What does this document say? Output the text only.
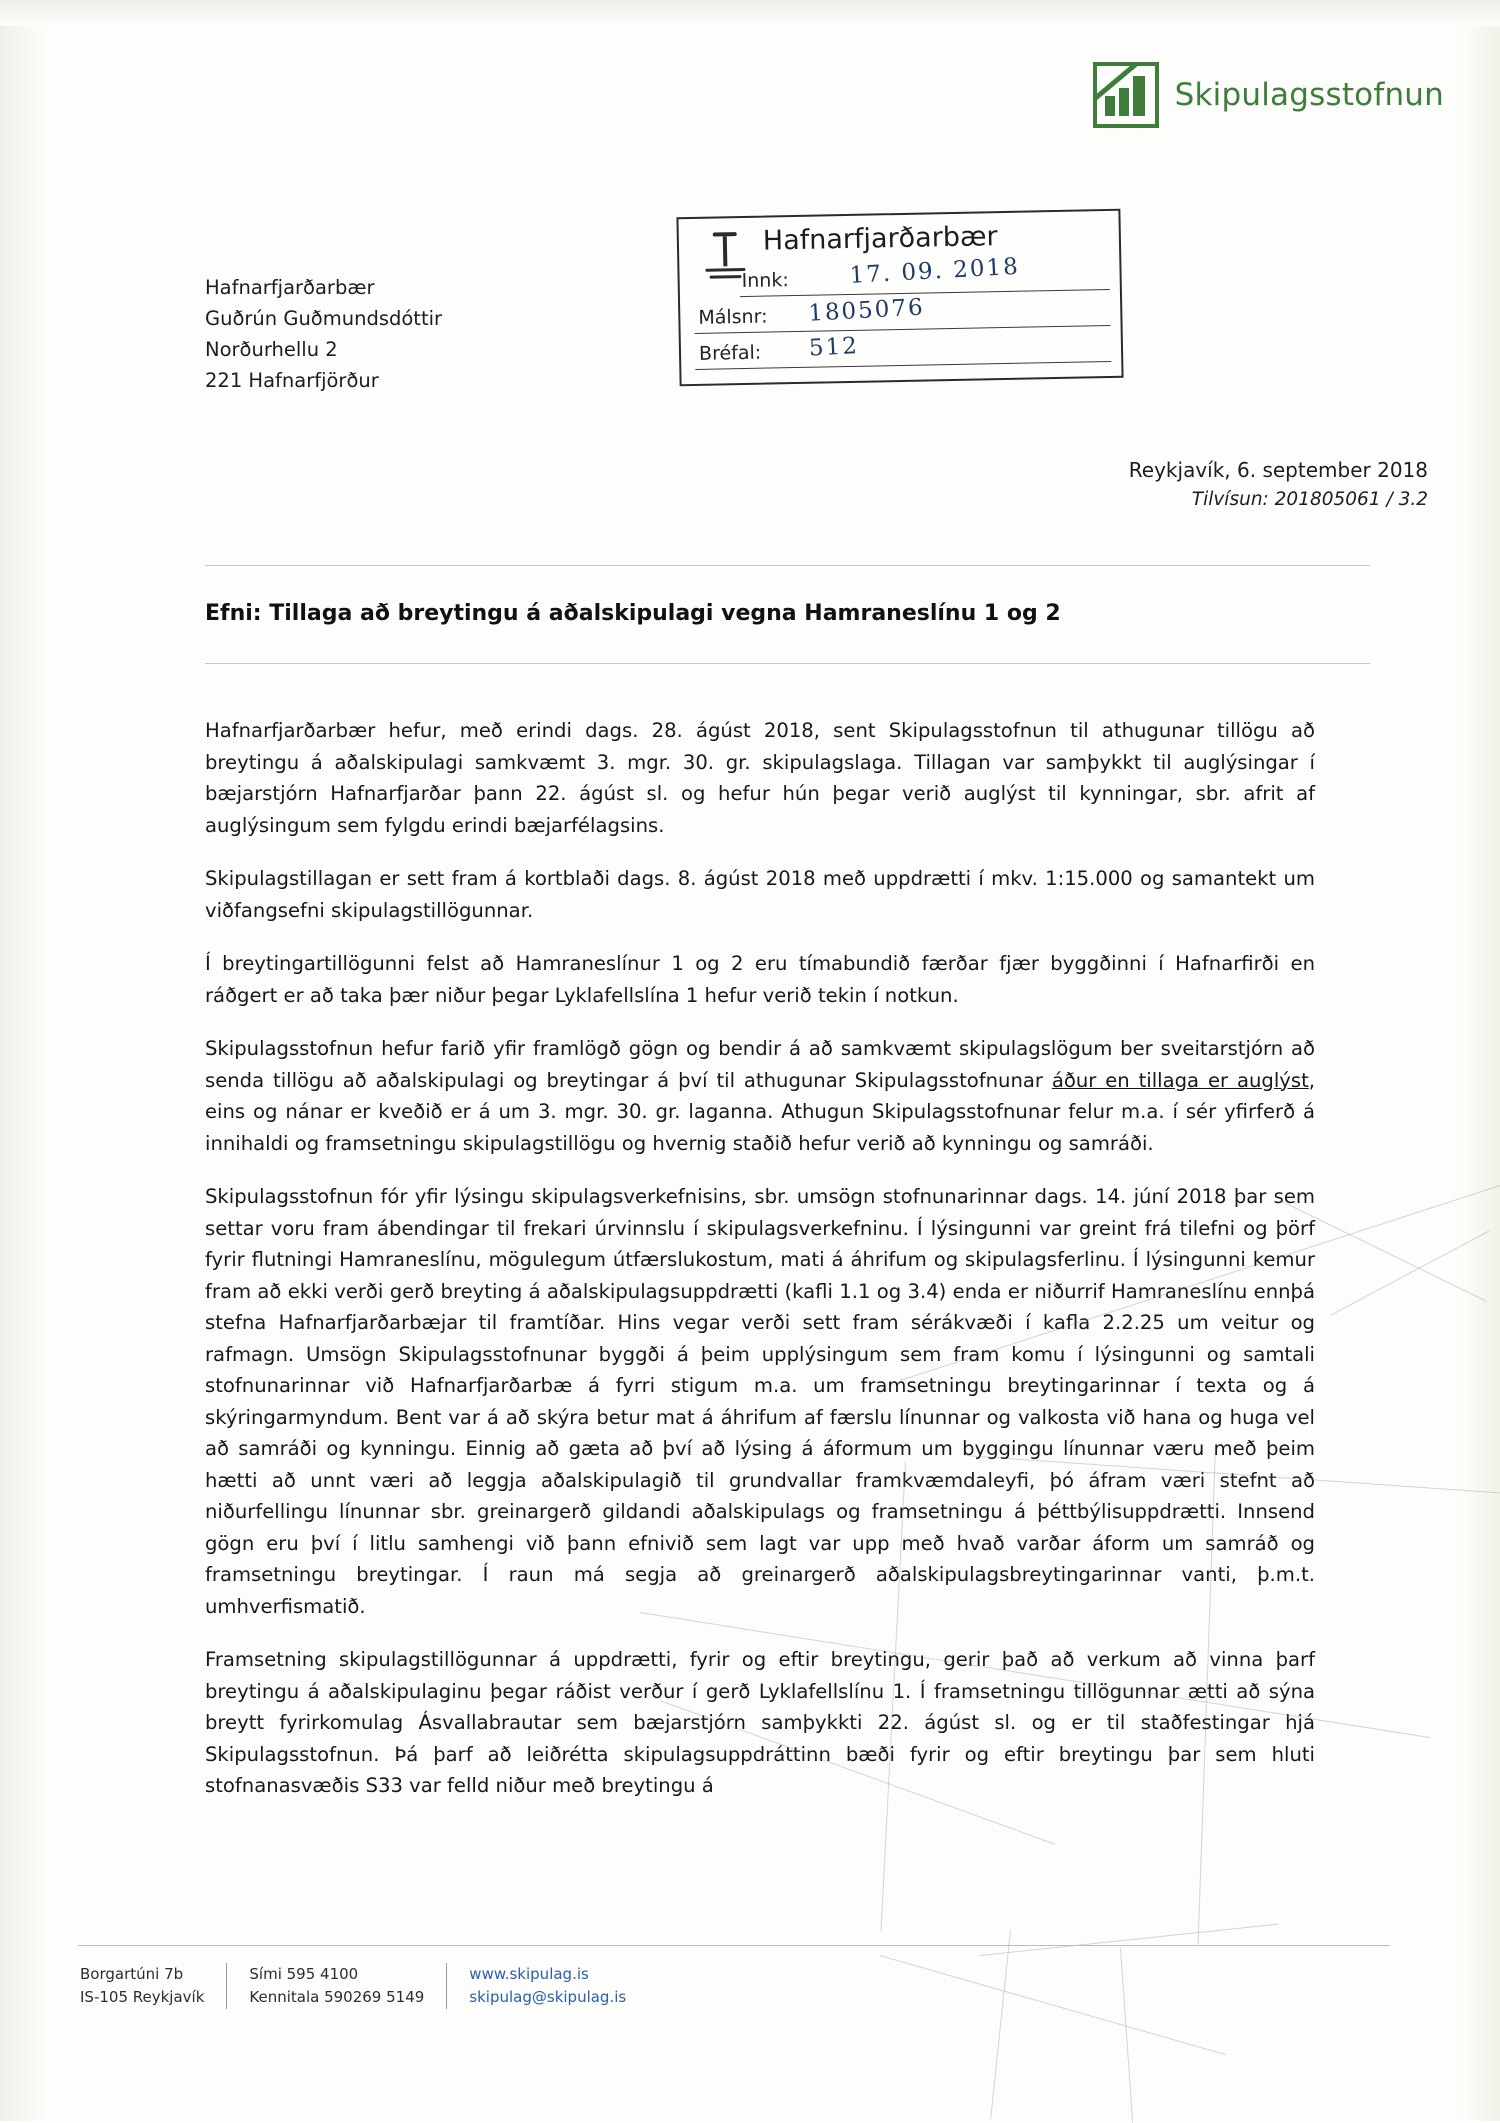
Skipulagsstofnun
Hafnarfjarðarbær
Guðrún Guðmundsdóttir
Norðurhellu 2
221 Hafnarfjörður
Hafnarfjarðarbær
Innk:
Málsnr:
Bréfal:
17. 09. 2018
1805076
512
Reykjavík, 6. september 2018
Tilvísun: 201805061 / 3.2
Efni: Tillaga að breytingu á aðalskipulagi vegna Hamraneslínu 1 og 2

Hafnarfjarðarbær hefur, með erindi dags. 28. ágúst 2018, sent Skipulagsstofnun til athugunar tillögu að breytingu á aðalskipulagi samkvæmt 3. mgr. 30. gr. skipulagslaga. Tillagan var samþykkt til auglýsingar í bæjarstjórn Hafnarfjarðar þann 22. ágúst sl. og hefur hún þegar verið auglýst til kynningar, sbr. afrit af auglýsingum sem fylgdu erindi bæjarfélagsins.

Skipulagstillagan er sett fram á kortblaði dags. 8. ágúst 2018 með uppdrætti í mkv. 1:15.000 og samantekt um viðfangsefni skipulagstillögunnar.

Í breytingartillögunni felst að Hamraneslínur 1 og 2 eru tímabundið færðar fjær byggðinni í Hafnarfirði en ráðgert er að taka þær niður þegar Lyklafellslína 1 hefur verið tekin í notkun.

Skipulagsstofnun hefur farið yfir framlögð gögn og bendir á að samkvæmt skipulagslögum ber sveitarstjórn að senda tillögu að aðalskipulagi og breytingar á því til athugunar Skipulagsstofnunar áður en tillaga er auglýst, eins og nánar er kveðið er á um 3. mgr. 30. gr. laganna. Athugun Skipulagsstofnunar felur m.a. í sér yfirferð á innihaldi og framsetningu skipulagstillögu og hvernig staðið hefur verið að kynningu og samráði.

Skipulagsstofnun fór yfir lýsingu skipulagsverkefnisins, sbr. umsögn stofnunarinnar dags. 14. júní 2018 þar sem settar voru fram ábendingar til frekari úrvinnslu í skipulagsverkefninu. Í lýsingunni var greint frá tilefni og þörf fyrir flutningi Hamraneslínu, mögulegum útfærslukostum, mati á áhrifum og skipulagsferlinu. Í lýsingunni kemur fram að ekki verði gerð breyting á aðalskipulagsuppdrætti (kafli 1.1 og 3.4) enda er niðurrif Hamraneslínu ennþá stefna Hafnarfjarðarbæjar til framtíðar. Hins vegar verði sett fram sérákvæði í kafla 2.2.25 um veitur og rafmagn. Umsögn Skipulagsstofnunar byggði á þeim upplýsingum sem fram komu í lýsingunni og samtali stofnunarinnar við Hafnarfjarðarbæ á fyrri stigum m.a. um framsetningu breytingarinnar í texta og á skýringarmyndum. Bent var á að skýra betur mat á áhrifum af færslu línunnar og valkosta við hana og huga vel að samráði og kynningu. Einnig að gæta að því að lýsing á áformum um byggingu línunnar væru með þeim hætti að unnt væri að leggja aðalskipulagið til grundvallar framkvæmdaleyfi, þó áfram væri stefnt að niðurfellingu línunnar sbr. greinargerð gildandi aðalskipulags og framsetningu á þéttbýlisuppdrætti. Innsend gögn eru því í litlu samhengi við þann efnivið sem lagt var upp með hvað varðar áform um samráð og framsetningu breytingar. Í raun má segja að greinargerð aðalskipulagsbreytingarinnar vanti, þ.m.t. umhverfismatið.

Framsetning skipulagstillögunnar á uppdrætti, fyrir og eftir breytingu, gerir það að verkum að vinna þarf breytingu á aðalskipulaginu þegar ráðist verður í gerð Lyklafellslínu 1. Í framsetningu tillögunnar ætti að sýna breytt fyrirkomulag Ásvallabrautar sem bæjarstjórn samþykkti 22. ágúst sl. og er til staðfestingar hjá Skipulagsstofnun. Þá þarf að leiðrétta skipulagsuppdráttinn bæði fyrir og eftir breytingu þar sem hluti stofnanasvæðis S33 var felld niður með breytingu á

Borgartúni 7b
IS-105 Reykjavík
Sími 595 4100
Kennitala 590269 5149
www.skipulag.is
skipulag@skipulag.is
